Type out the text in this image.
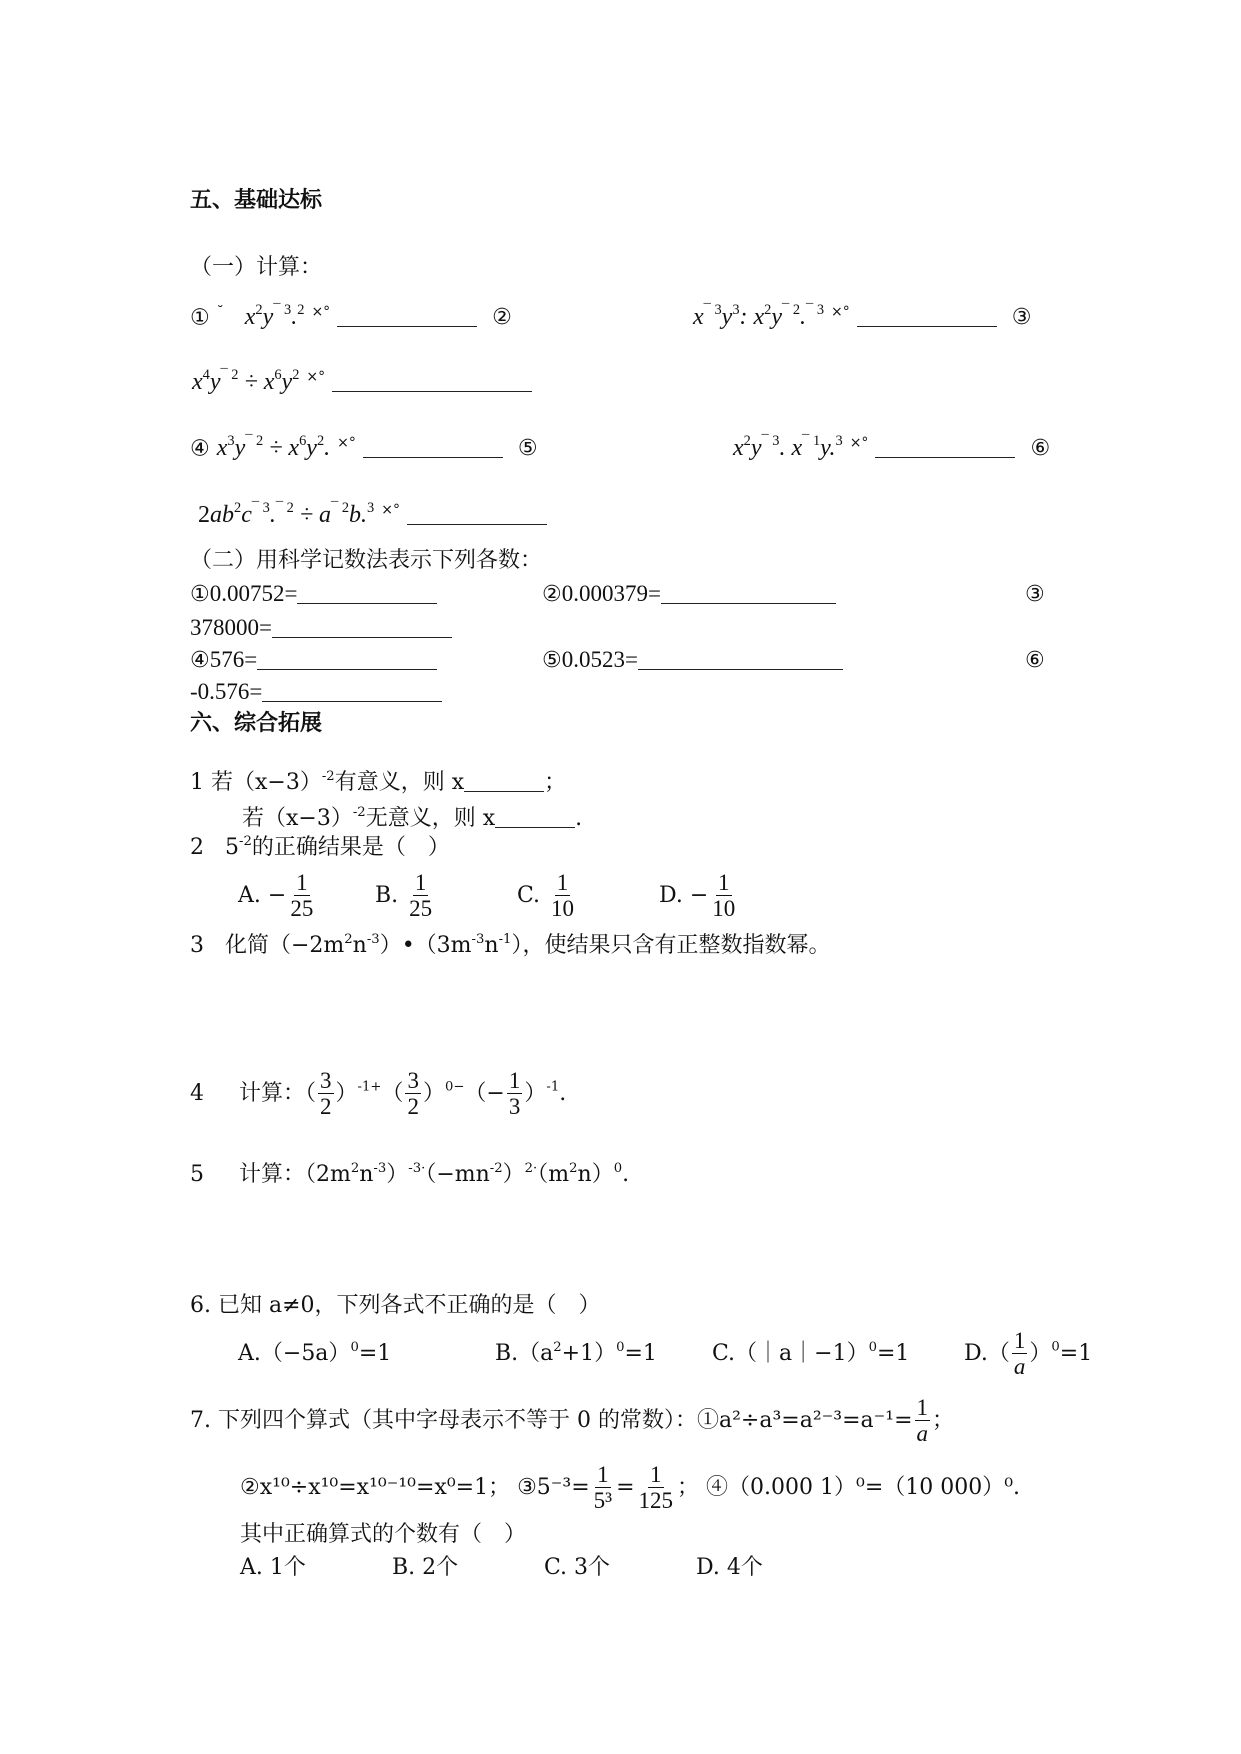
五、基础达标
（一）计算：
① ˘ $x^2y^{¯ 3}.^2$ ×°	②	$x^{¯ 3}y^3$: $x^2y^{¯ 2}.^{¯ 3}$ ×°	③
$x^4y^{¯ 2} \div x^6y^2$ ×°
④ $x^3y^{¯ 2} \div x^6y^2$. ×°	⑤	$x^2y^{¯ 3}$. $x^{¯ 1}y.^3$ ×°	⑥
$2ab^2c^{¯ 3}.^{¯ 2} \div a^{¯ 2}b.^3$ ×°
（二）用科学记数法表示下列各数：
①0.00752=	②0.000379=	③
378000=
④576=	⑤0.0523=	⑥
-0.576=
六、综合拓展
1 若$(x-3)^{-2}$有意义，则 x	；
若$(x-3)^{-2}$无意义，则 x	.
2 $5^{-2}$的正确结果是（　）
A. − $\frac{1}{25}$	B. $\frac{1}{25}$	C. $\frac{1}{10}$	D. − $\frac{1}{10}$
3 化简$(-2m^2n^{-3})•(3m^{-3}n^{-1})$，使结果只含有正整数指数幂。
4 计算：（ $\frac{3}{2} )^{-1+}( \frac{3}{2} )^{0-}(- \frac{1}{3} )^{-1}$.
5 计算：$(2m^2n^{-3})^{-3\cdot}(-mn^{-2})^{2\cdot}(m^2n)^0$.
6. 已知 a≠0，下列各式不正确的是（　）
$A.(-5a)^0=1$	$B.(a^2+1)^0=1$	C.（｜a｜−1）$^0$=1 $D.( \frac{1}{a} )^0=1$
7. 下列四个算式（其中字母表示不等于 0 的常数）：①a²÷a³=a²⁻³=a⁻¹= $\frac{1}{a}$ ；
②x¹⁰÷x¹⁰=x¹⁰⁻¹⁰=x⁰=1； ③5⁻³= $\frac{1}{\text{5³}} = \frac{1}{125}$ ； ④（0.000 1）⁰=（10 000）⁰.
其中正确算式的个数有（　）
A. 1个	B. 2个	C. 3个	D. 4个
